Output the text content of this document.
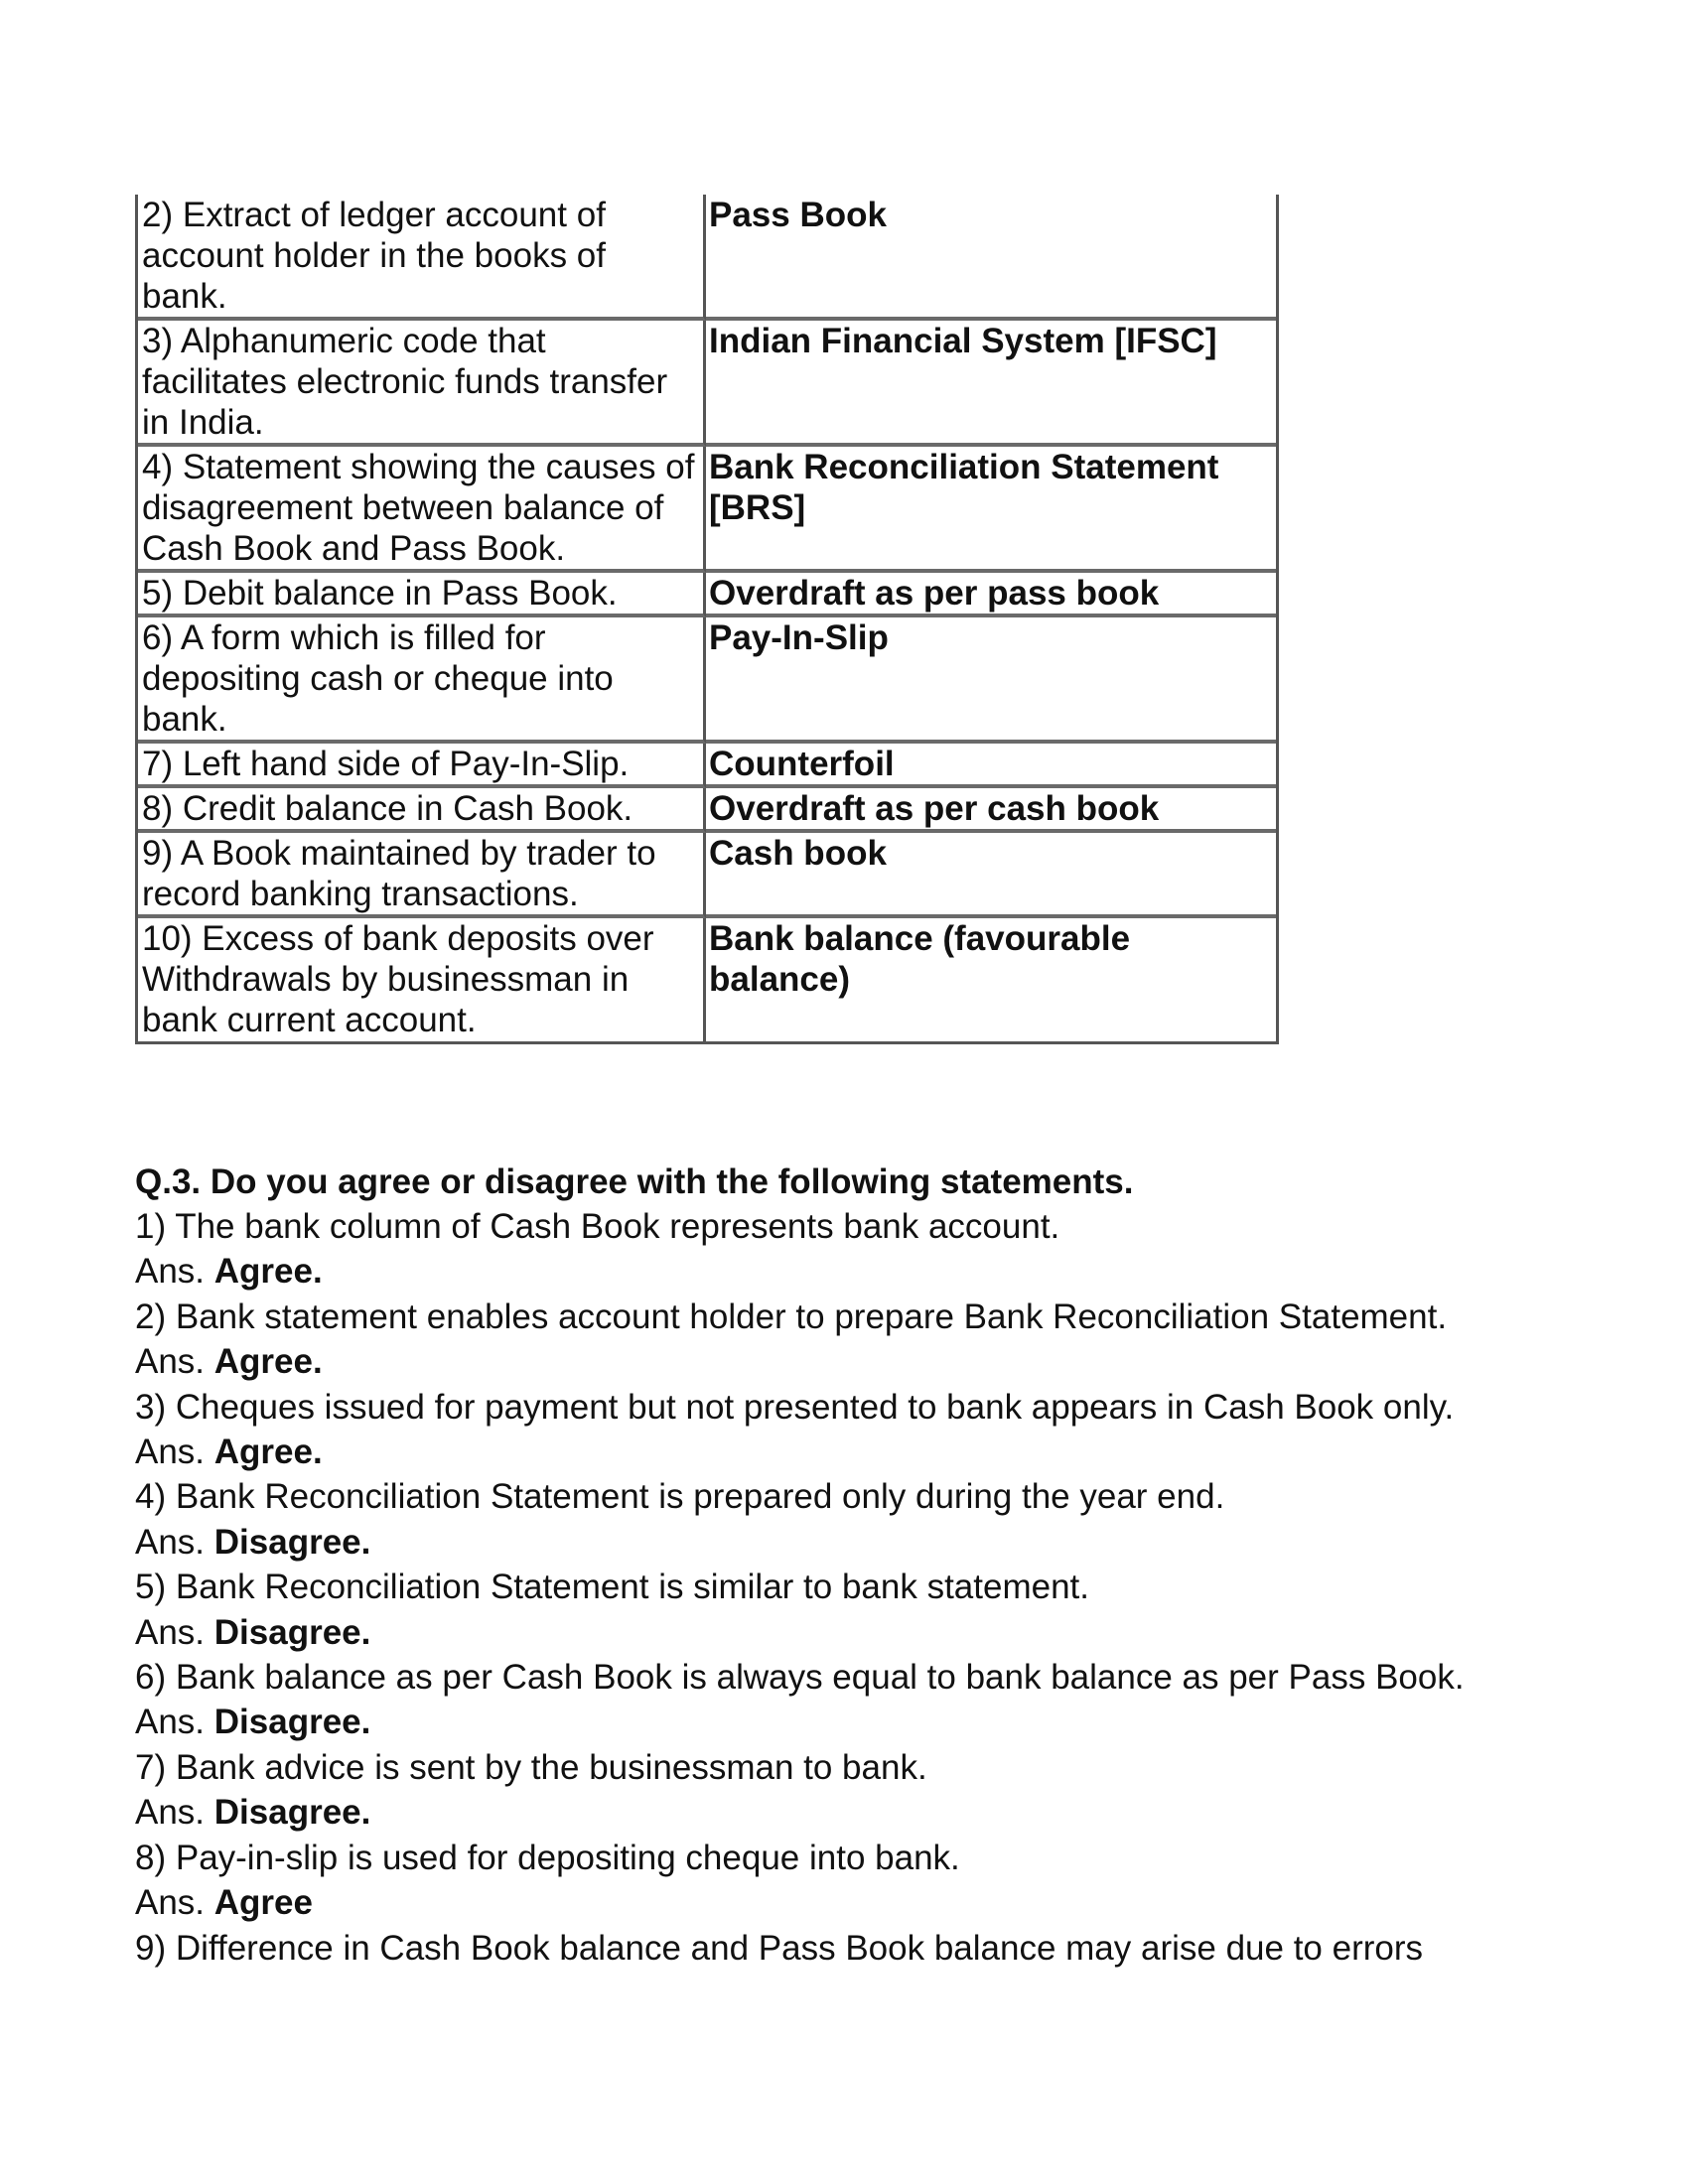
2) Extract of ledger account of account holder in the books of bank.	Pass Book
3) Alphanumeric code that facilitates electronic funds transfer in India.	Indian Financial System [IFSC]
4) Statement showing the causes of disagreement between balance of Cash Book and Pass Book.	Bank Reconciliation Statement [BRS]
5) Debit balance in Pass Book.	Overdraft as per pass book
6) A form which is filled for depositing cash or cheque into bank.	Pay-In-Slip
7) Left hand side of Pay-In-Slip.	Counterfoil
8) Credit balance in Cash Book.	Overdraft as per cash book
9) A Book maintained by trader to record banking transactions.	Cash book
10) Excess of bank deposits over Withdrawals by businessman in bank current account.	Bank balance (favourable balance)

Q.3. Do you agree or disagree with the following statements.

1) The bank column of Cash Book represents bank account.

Ans. Agree.

2) Bank statement enables account holder to prepare Bank Reconciliation Statement.

Ans. Agree.

3) Cheques issued for payment but not presented to bank appears in Cash Book only.

Ans. Agree.

4) Bank Reconciliation Statement is prepared only during the year end.

Ans. Disagree.

5) Bank Reconciliation Statement is similar to bank statement.

Ans. Disagree.

6) Bank balance as per Cash Book is always equal to bank balance as per Pass Book.

Ans. Disagree.

7) Bank advice is sent by the businessman to bank.

Ans. Disagree.

8) Pay-in-slip is used for depositing cheque into bank.

Ans. Agree

9) Difference in Cash Book balance and Pass Book balance may arise due to errors
